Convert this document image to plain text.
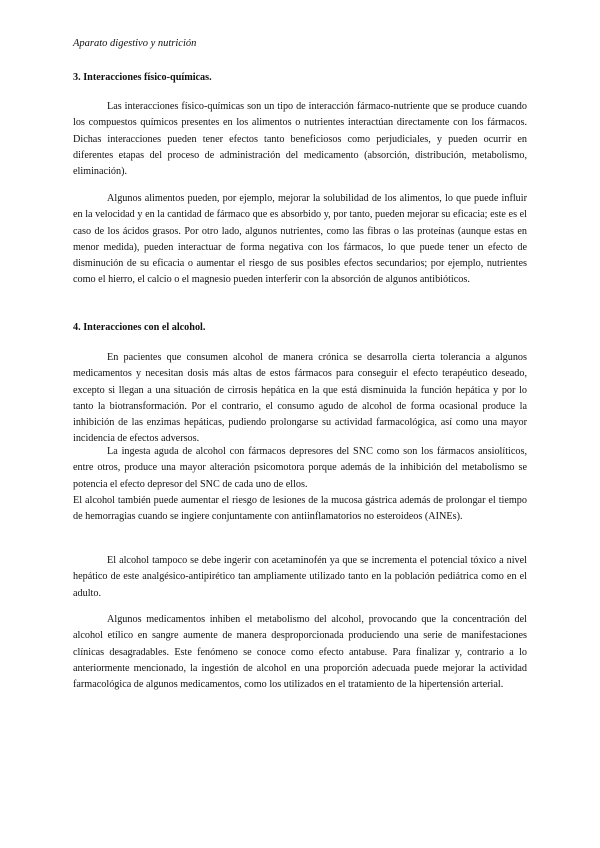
Aparato digestivo y nutrición

3. Interacciones físico-químicas.

Las interacciones físico-químicas son un tipo de interacción fármaco-nutriente que se produce cuando los compuestos químicos presentes en los alimentos o nutrientes interactúan directamente con los fármacos. Dichas interacciones pueden tener efectos tanto beneficiosos como perjudiciales, y pueden ocurrir en diferentes etapas del proceso de administración del medicamento (absorción, distribución, metabolismo, eliminación).

Algunos alimentos pueden, por ejemplo, mejorar la solubilidad de los alimentos, lo que puede influir en la velocidad y en la cantidad de fármaco que es absorbido y, por tanto, pueden mejorar su eficacia; este es el caso de los ácidos grasos. Por otro lado, algunos nutrientes, como las fibras o las proteínas (aunque estas en menor medida), pueden interactuar de forma negativa con los fármacos, lo que puede tener un efecto de disminución de su eficacia o aumentar el riesgo de sus posibles efectos secundarios; por ejemplo, nutrientes como el hierro, el calcio o el magnesio pueden interferir con la absorción de algunos antibióticos.

4. Interacciones con el alcohol.

En pacientes que consumen alcohol de manera crónica se desarrolla cierta tolerancia a algunos medicamentos y necesitan dosis más altas de estos fármacos para conseguir el efecto terapéutico deseado, excepto si llegan a una situación de cirrosis hepática en la que está disminuida la función hepática y por lo tanto la biotransformación. Por el contrario, el consumo agudo de alcohol de forma ocasional produce la inhibición de las enzimas hepáticas, pudiendo prolongarse su actividad farmacológica, así como una mayor incidencia de efectos adversos.

La ingesta aguda de alcohol con fármacos depresores del SNC como son los fármacos ansiolíticos, entre otros, produce una mayor alteración psicomotora porque además de la inhibición del metabolismo se potencia el efecto depresor del SNC de cada uno de ellos.

El alcohol también puede aumentar el riesgo de lesiones de la mucosa gástrica además de prolongar el tiempo de hemorragias cuando se ingiere conjuntamente con antiinflamatorios no esteroideos (AINEs).

El alcohol tampoco se debe ingerir con acetaminofén ya que se incrementa el potencial tóxico a nivel hepático de este analgésico-antipirético tan ampliamente utilizado tanto en la población pediátrica como en el adulto.

Algunos medicamentos inhiben el metabolismo del alcohol, provocando que la concentración del alcohol etílico en sangre aumente de manera desproporcionada produciendo una serie de manifestaciones clínicas desagradables. Este fenómeno se conoce como efecto antabuse. Para finalizar y, contrario a lo anteriormente mencionado, la ingestión de alcohol en una proporción adecuada puede mejorar la actividad farmacológica de algunos medicamentos, como los utilizados en el tratamiento de la hipertensión arterial.
